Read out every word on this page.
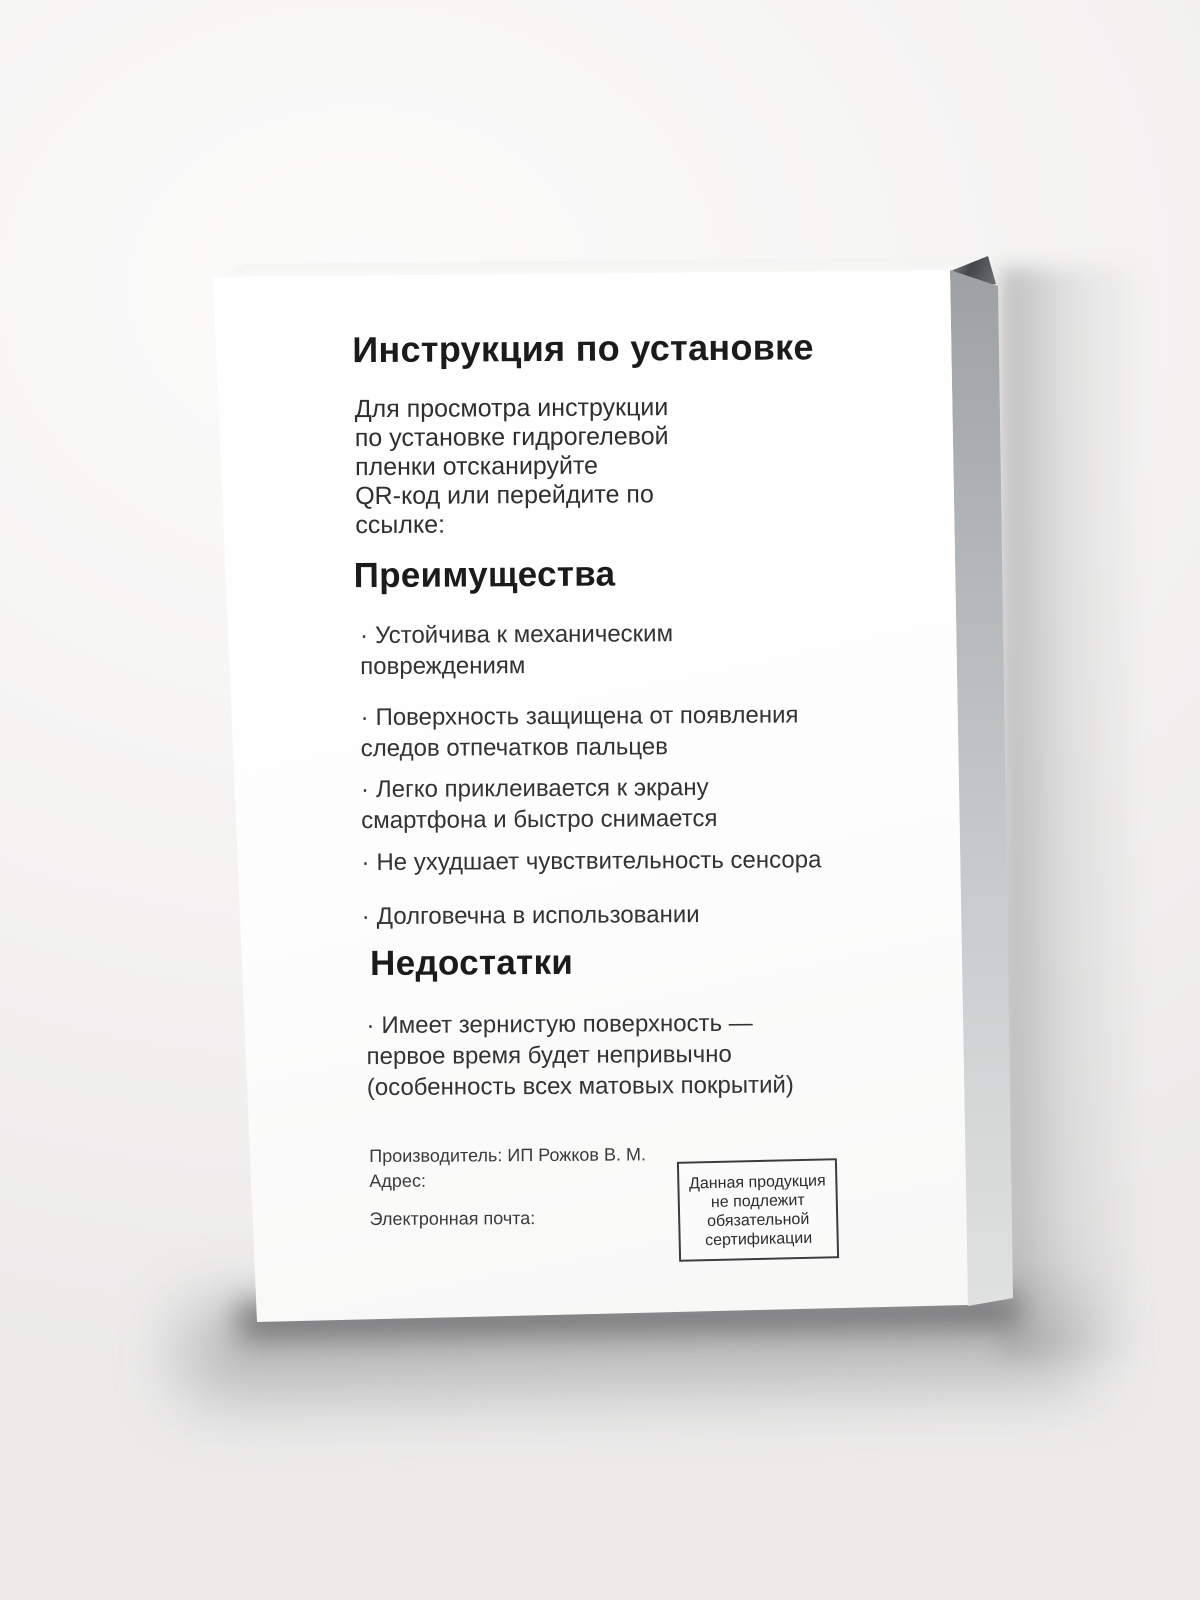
Инструкция по установке
Для просмотра инструкции
по установке гидрогелевой
пленки отсканируйте
QR-код или перейдите по
ссылке:
Преимущества
· Устойчива к механическим повреждениям
· Поверхность защищена от появления следов отпечатков пальцев
· Легко приклеивается к экрану смартфона и быстро снимается
· Не ухудшает чувствительность сенсора
· Долговечна в использовании
Недостатки
· Имеет зернистую поверхность — первое время будет непривычно (особенность всех матовых покрытий)
Производитель: ИП Рожков В. М.
Адрес:
Электронная почта:
Данная продукция не подлежит обязательной сертификации
